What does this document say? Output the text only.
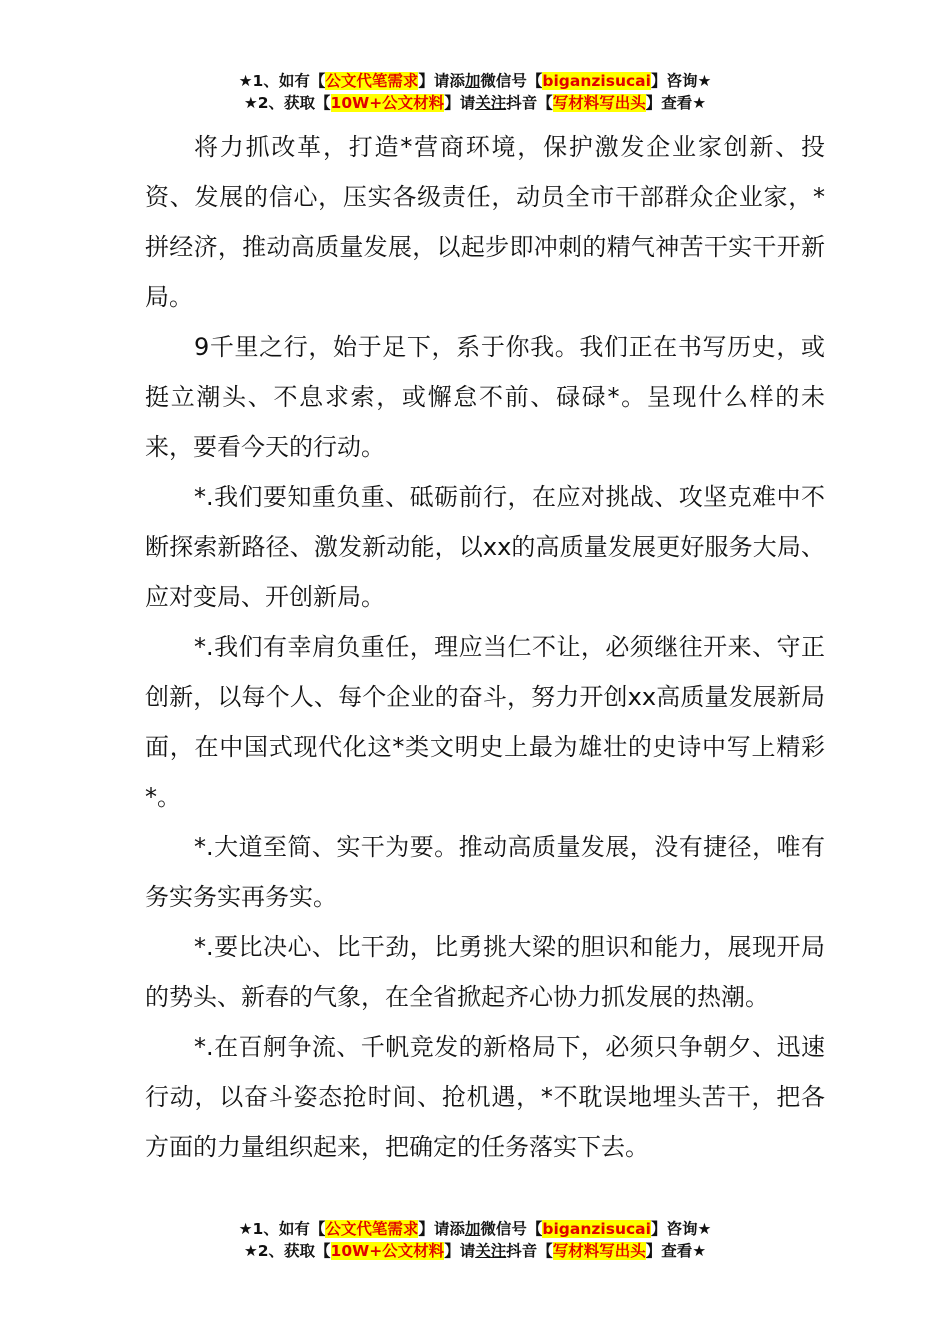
★1、如有【公文代笔需求】请添加微信号【biganzisucai】咨询★
★2、获取【10W+公文材料】请关注抖音【写材料写出头】查看★

将力抓改革，打造*营商环境，保护激发企业家创新、投资、发展的信心，压实各级责任，动员全市干部群众企业家，*拼经济，推动高质量发展，以起步即冲刺的精气神苦干实干开新局。

9千里之行，始于足下，系于你我。我们正在书写历史，或挺立潮头、不息求索，或懈怠不前、碌碌*。呈现什么样的未来，要看今天的行动。

*.我们要知重负重、砥砺前行，在应对挑战、攻坚克难中不断探索新路径、激发新动能，以xx的高质量发展更好服务大局、应对变局、开创新局。

*.我们有幸肩负重任，理应当仁不让，必须继往开来、守正创新，以每个人、每个企业的奋斗，努力开创xx高质量发展新局面，在中国式现代化这*类文明史上最为雄壮的史诗中写上精彩*。

*.大道至简、实干为要。推动高质量发展，没有捷径，唯有务实务实再务实。

*.要比决心、比干劲，比勇挑大梁的胆识和能力，展现开局的势头、新春的气象，在全省掀起齐心协力抓发展的热潮。

*.在百舸争流、千帆竞发的新格局下，必须只争朝夕、迅速行动，以奋斗姿态抢时间、抢机遇，*不耽误地埋头苦干，把各方面的力量组织起来，把确定的任务落实下去。

★1、如有【公文代笔需求】请添加微信号【biganzisucai】咨询★
★2、获取【10W+公文材料】请关注抖音【写材料写出头】查看★
